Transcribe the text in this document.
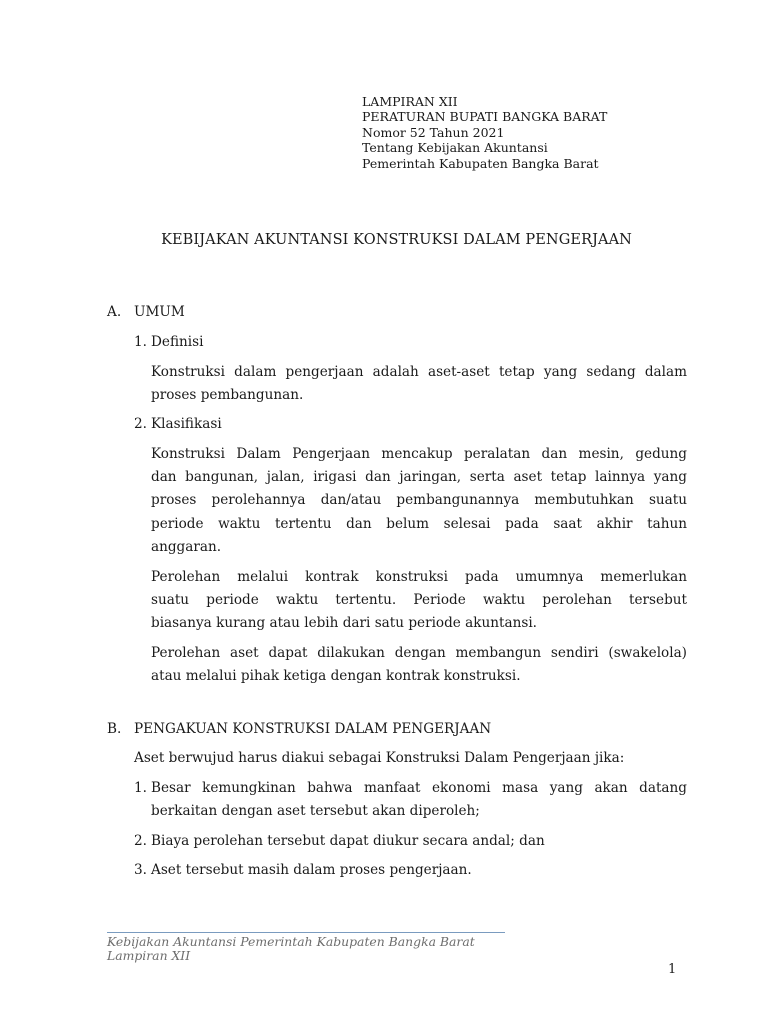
LAMPIRAN XII
PERATURAN BUPATI BANGKA BARAT
Nomor 52 Tahun 2021
Tentang Kebijakan Akuntansi
Pemerintah Kabupaten Bangka Barat
KEBIJAKAN AKUNTANSI KONSTRUKSI DALAM PENGERJAAN
A. UMUM
1. Definisi
Konstruksi dalam pengerjaan adalah aset-aset tetap yang sedang dalam
proses pembangunan.
2. Klasifikasi
Konstruksi Dalam Pengerjaan mencakup peralatan dan mesin, gedung
dan bangunan, jalan, irigasi dan jaringan, serta aset tetap lainnya yang
proses perolehannya dan/atau pembangunannya membutuhkan suatu
periode waktu tertentu dan belum selesai pada saat akhir tahun
anggaran.
Perolehan melalui kontrak konstruksi pada umumnya memerlukan
suatu periode waktu tertentu. Periode waktu perolehan tersebut
biasanya kurang atau lebih dari satu periode akuntansi.
Perolehan aset dapat dilakukan dengan membangun sendiri (swakelola)
atau melalui pihak ketiga dengan kontrak konstruksi.
B. PENGAKUAN KONSTRUKSI DALAM PENGERJAAN
Aset berwujud harus diakui sebagai Konstruksi Dalam Pengerjaan jika:
1. Besar kemungkinan bahwa manfaat ekonomi masa yang akan datang
berkaitan dengan aset tersebut akan diperoleh;
2. Biaya perolehan tersebut dapat diukur secara andal; dan
3. Aset tersebut masih dalam proses pengerjaan.
Kebijakan Akuntansi Pemerintah Kabupaten Bangka Barat
Lampiran XII
1
